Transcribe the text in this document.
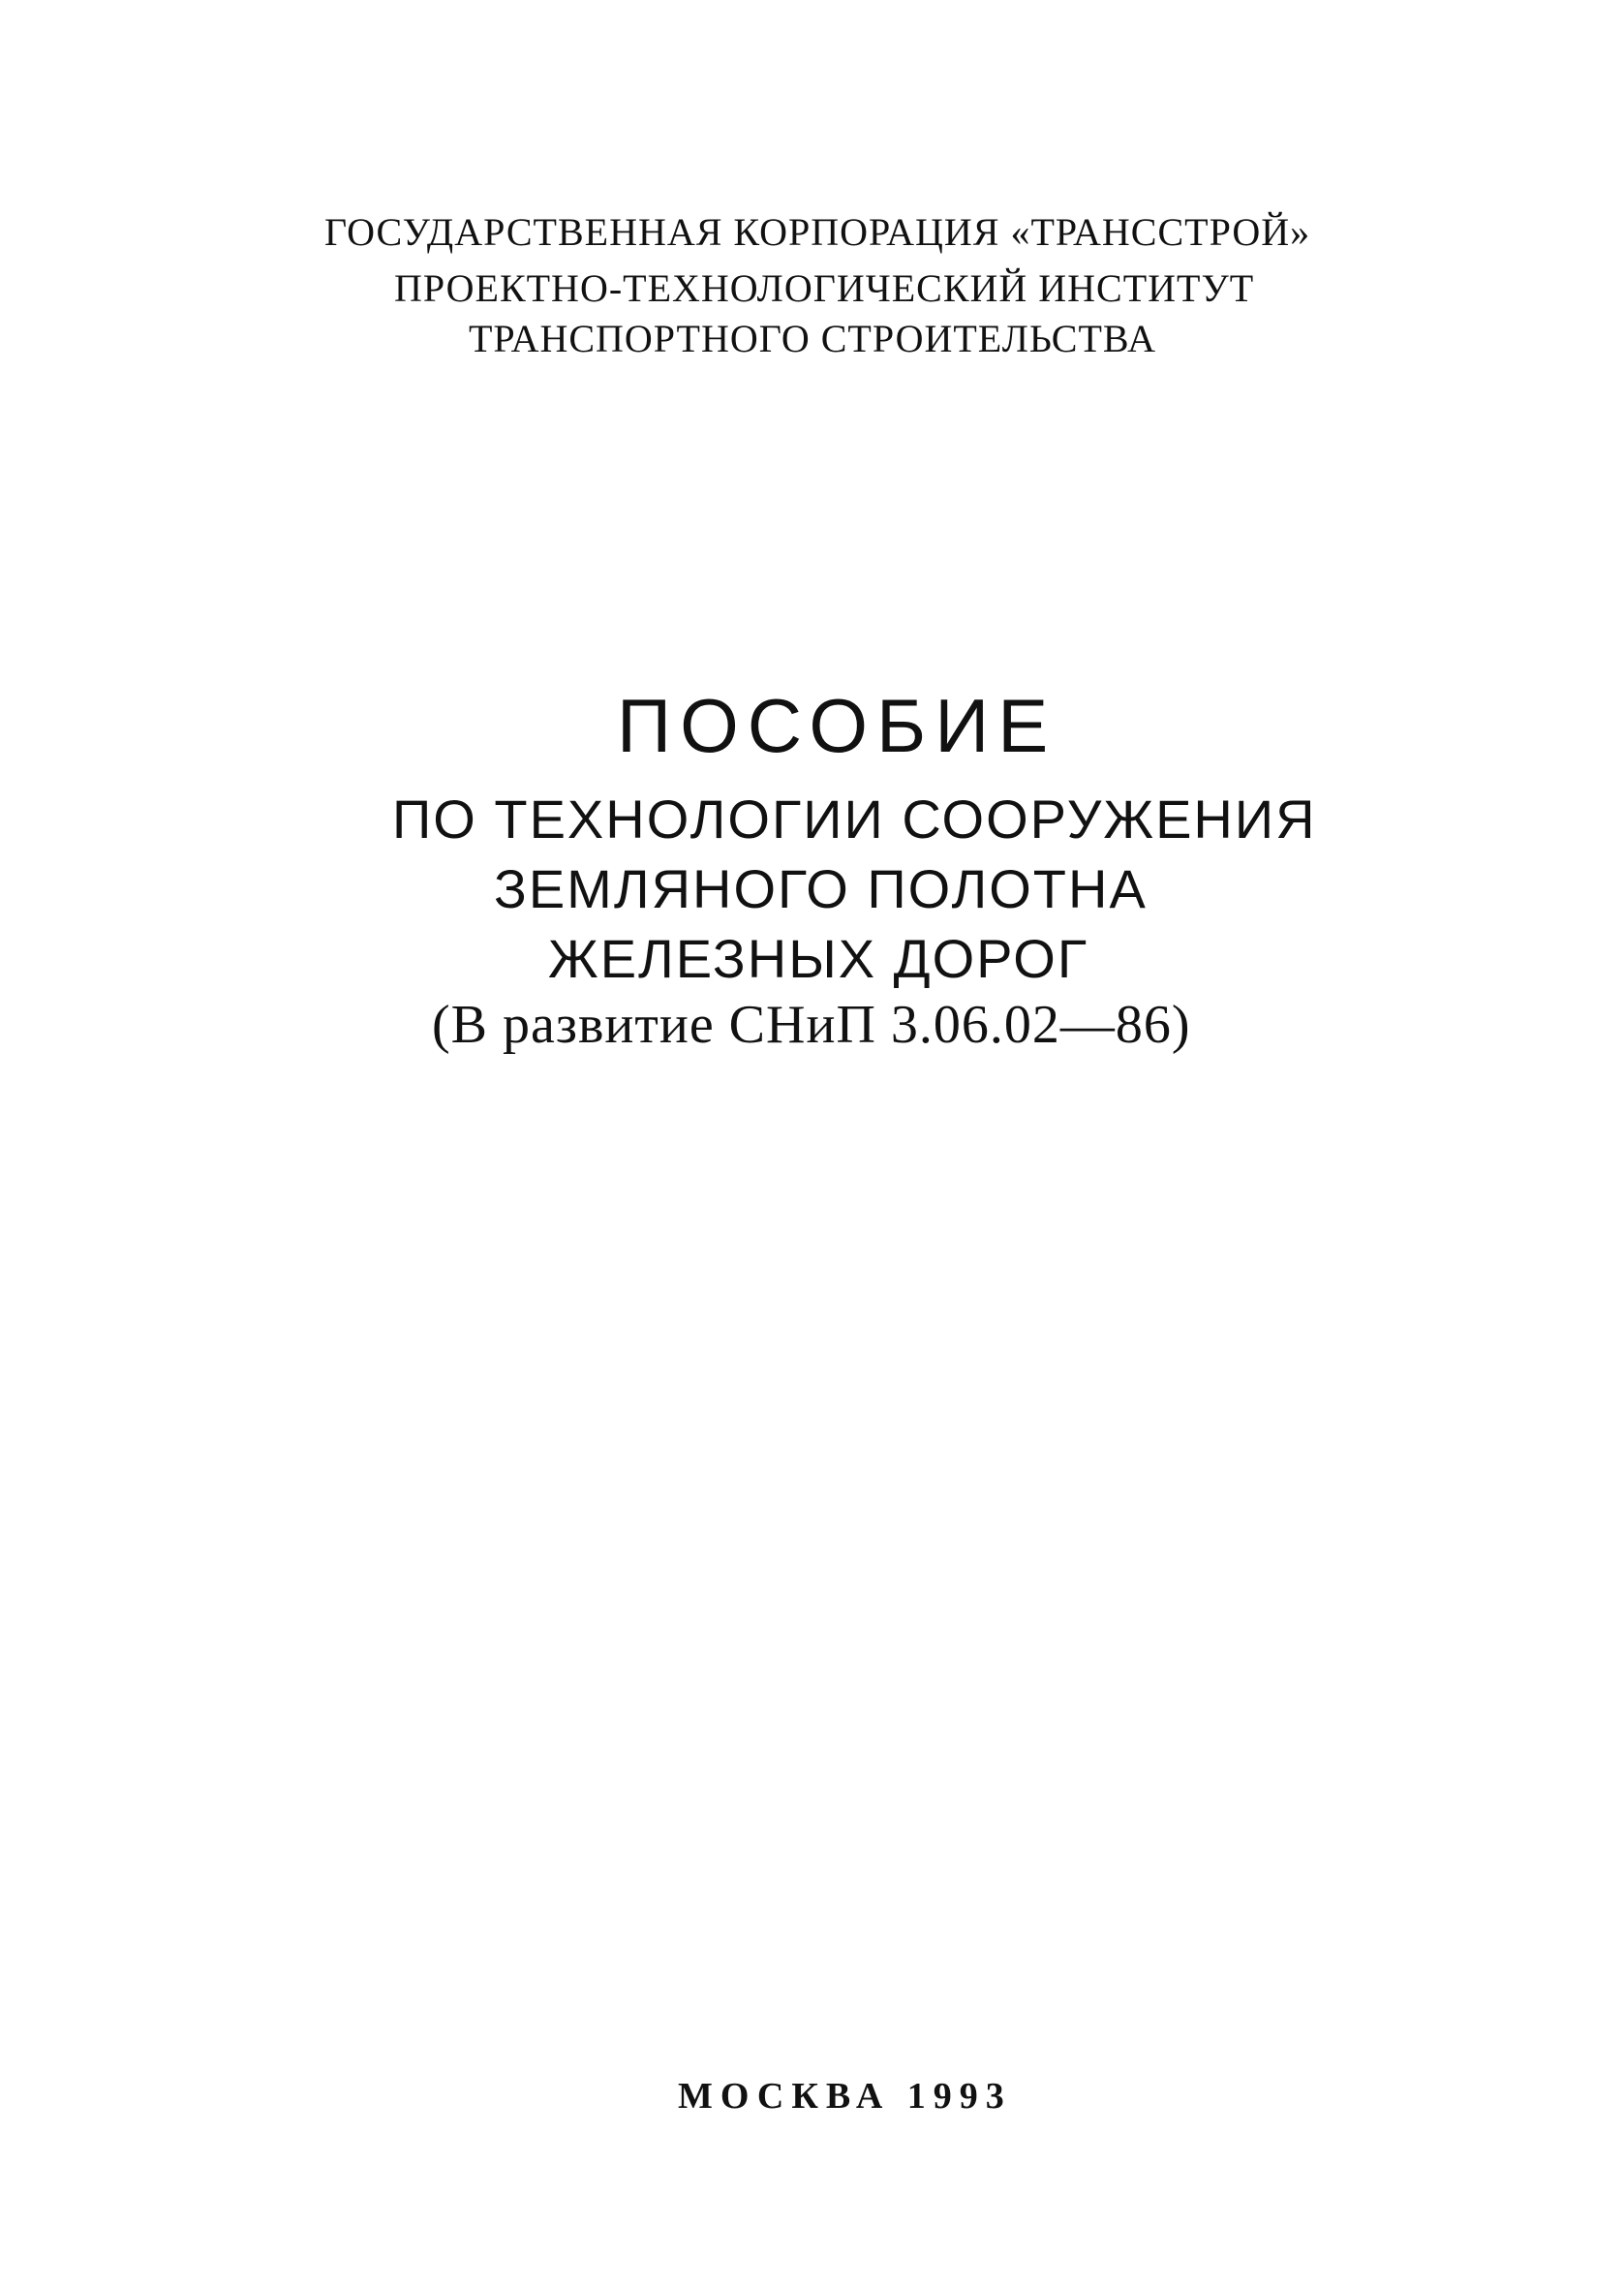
ГОСУДАРСТВЕННАЯ КОРПОРАЦИЯ «ТРАНССТРОЙ»
ПРОЕКТНО-ТЕХНОЛОГИЧЕСКИЙ ИНСТИТУТ
ТРАНСПОРТНОГО СТРОИТЕЛЬСТВА
ПОСОБИЕ
ПО ТЕХНОЛОГИИ СООРУЖЕНИЯ
ЗЕМЛЯНОГО ПОЛОТНА
ЖЕЛЕЗНЫХ ДОРОГ
(В развитие СНиП 3.06.02—86)
МОСКВА 1993
